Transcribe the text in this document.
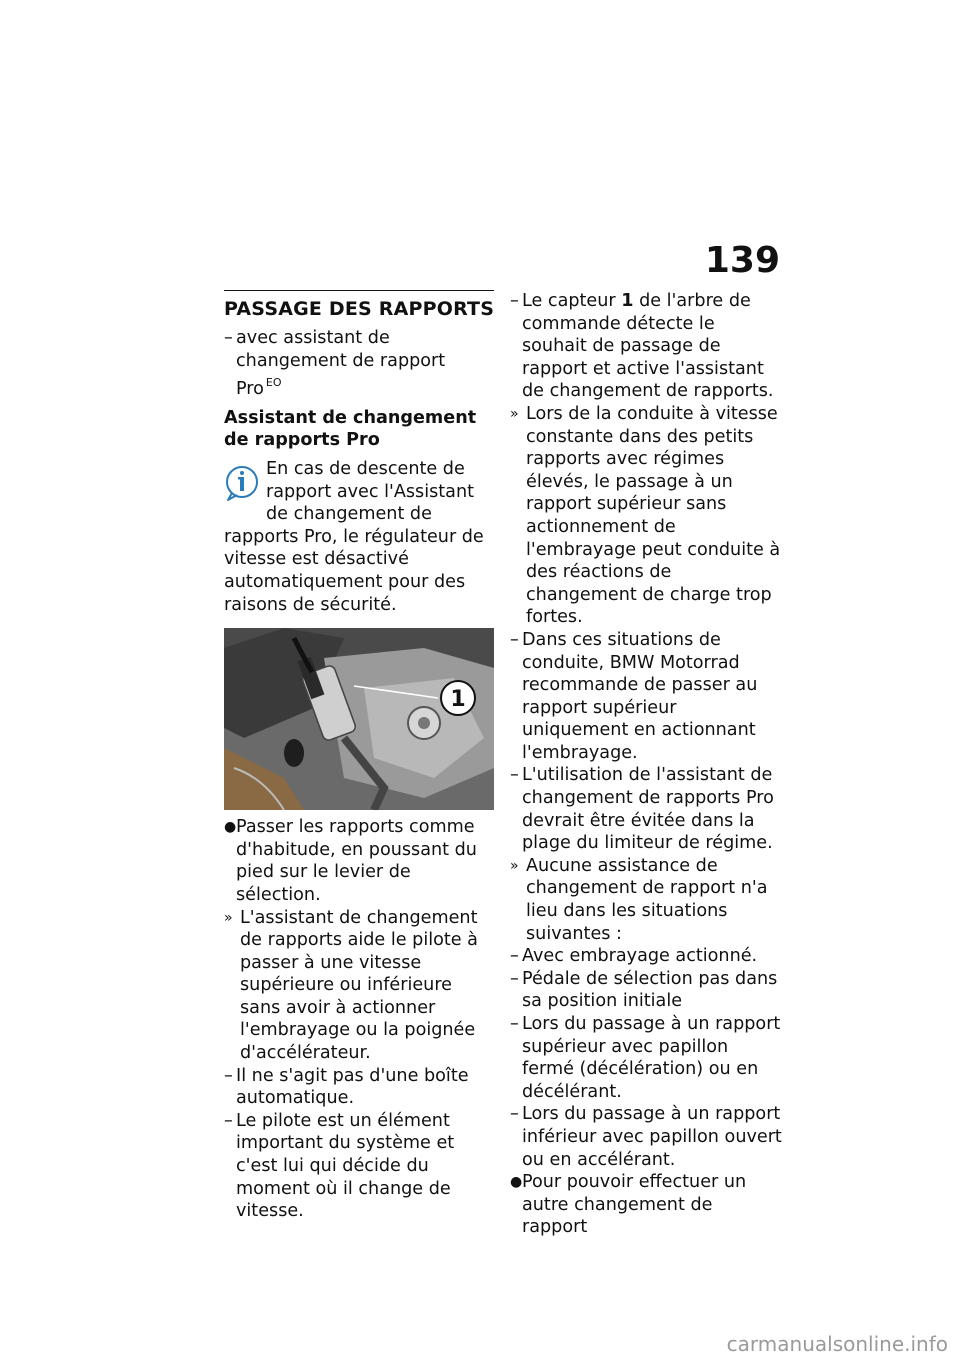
139
PASSAGE DES RAPPORTS
– avec assistant de changement de rapport Pro $^{EO}$
Assistant de changement de rapports Pro
En cas de descente de rapport avec l'Assistant de changement de rapports Pro, le régulateur de vitesse est désactivé automatiquement pour des raisons de sécurité.
1
● Passer les rapports comme d'habitude, en poussant du pied sur le levier de sélection.
» L'assistant de changement de rapports aide le pilote à passer à une vitesse supérieure ou inférieure sans avoir à actionner l'embrayage ou la poignée d'accélérateur.
– Il ne s'agit pas d'une boîte automatique.
– Le pilote est un élément important du système et c'est lui qui décide du moment où il change de vitesse.
– Le capteur 1 de l'arbre de commande détecte le souhait de passage de rapport et active l'assistant de changement de rapports.
» Lors de la conduite à vitesse constante dans des petits rapports avec régimes élevés, le passage à un rapport supérieur sans actionnement de l'embrayage peut conduite à des réactions de changement de charge trop fortes.
– Dans ces situations de conduite, BMW Motorrad recommande de passer au rapport supérieur uniquement en actionnant l'embrayage.
– L'utilisation de l'assistant de changement de rapports Pro devrait être évitée dans la plage du limiteur de régime.
» Aucune assistance de changement de rapport n'a lieu dans les situations suivantes :
– Avec embrayage actionné.
– Pédale de sélection pas dans sa position initiale
– Lors du passage à un rapport supérieur avec papillon fermé (décélération) ou en décélérant.
– Lors du passage à un rapport inférieur avec papillon ouvert ou en accélérant.
● Pour pouvoir effectuer un autre changement de rapport
carmanualsonline.info
